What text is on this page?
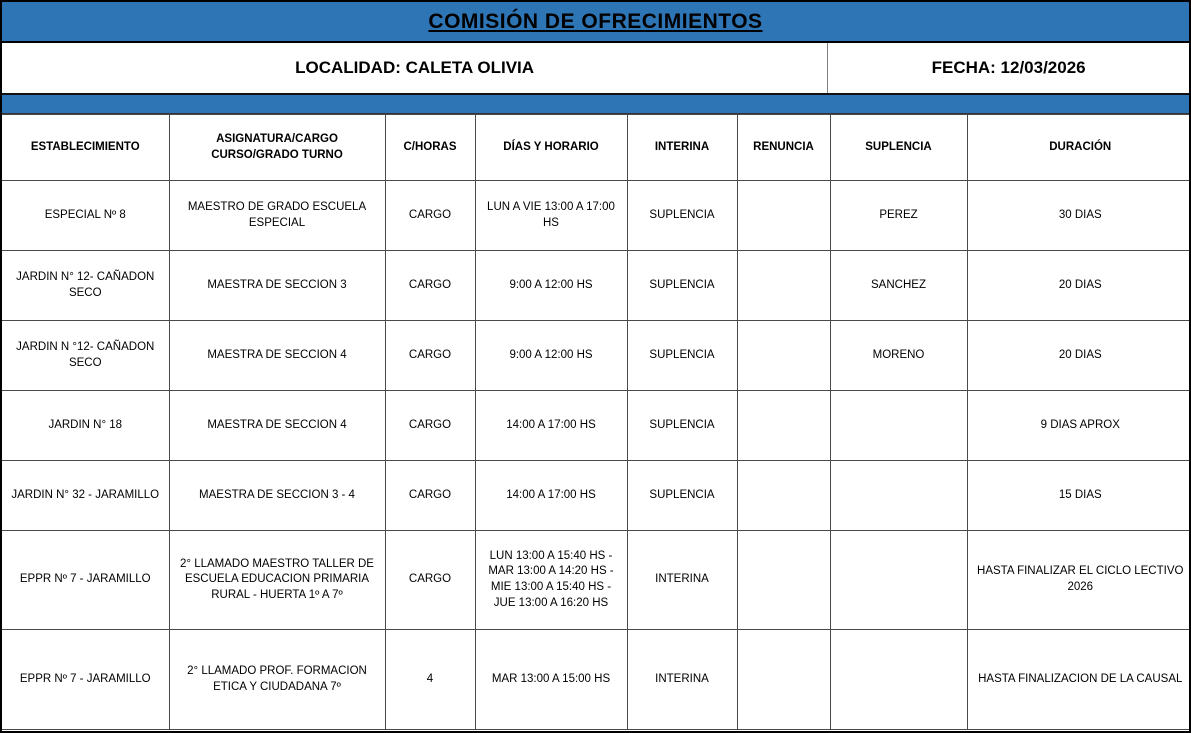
COMISIÓN DE OFRECIMIENTOS
LOCALIDAD: CALETA OLIVIA	FECHA: 12/03/2026
ESTABLECIMIENTO	ASIGNATURA/CARGO CURSO/GRADO TURNO	C/HORAS	DÍAS Y HORARIO	INTERINA	RENUNCIA	SUPLENCIA	DURACIÓN
ESPECIAL Nº 8	MAESTRO DE GRADO ESCUELA ESPECIAL	CARGO	LUN A VIE 13:00 A 17:00 HS	SUPLENCIA		PEREZ	30 DIAS
JARDIN N° 12- CAÑADON SECO	MAESTRA DE SECCION 3	CARGO	9:00 A 12:00 HS	SUPLENCIA		SANCHEZ	20 DIAS
JARDIN N °12- CAÑADON SECO	MAESTRA DE SECCION 4	CARGO	9:00 A 12:00 HS	SUPLENCIA		MORENO	20 DIAS
JARDIN N° 18	MAESTRA DE SECCION 4	CARGO	14:00 A 17:00 HS	SUPLENCIA			9 DIAS APROX
JARDIN N° 32 - JARAMILLO	MAESTRA DE SECCION 3 - 4	CARGO	14:00 A 17:00 HS	SUPLENCIA			15 DIAS
EPPR Nº 7 - JARAMILLO	2° LLAMADO MAESTRO TALLER DE ESCUELA EDUCACION PRIMARIA RURAL - HUERTA 1º A 7º	CARGO	LUN 13:00 A 15:40 HS - MAR 13:00 A 14:20 HS - MIE 13:00 A 15:40 HS - JUE 13:00 A 16:20 HS	INTERINA			HASTA FINALIZAR EL CICLO LECTIVO 2026
EPPR Nº 7 - JARAMILLO	2° LLAMADO PROF. FORMACION ETICA Y CIUDADANA 7º	4	MAR 13:00 A 15:00 HS	INTERINA			HASTA FINALIZACION DE LA CAUSAL
